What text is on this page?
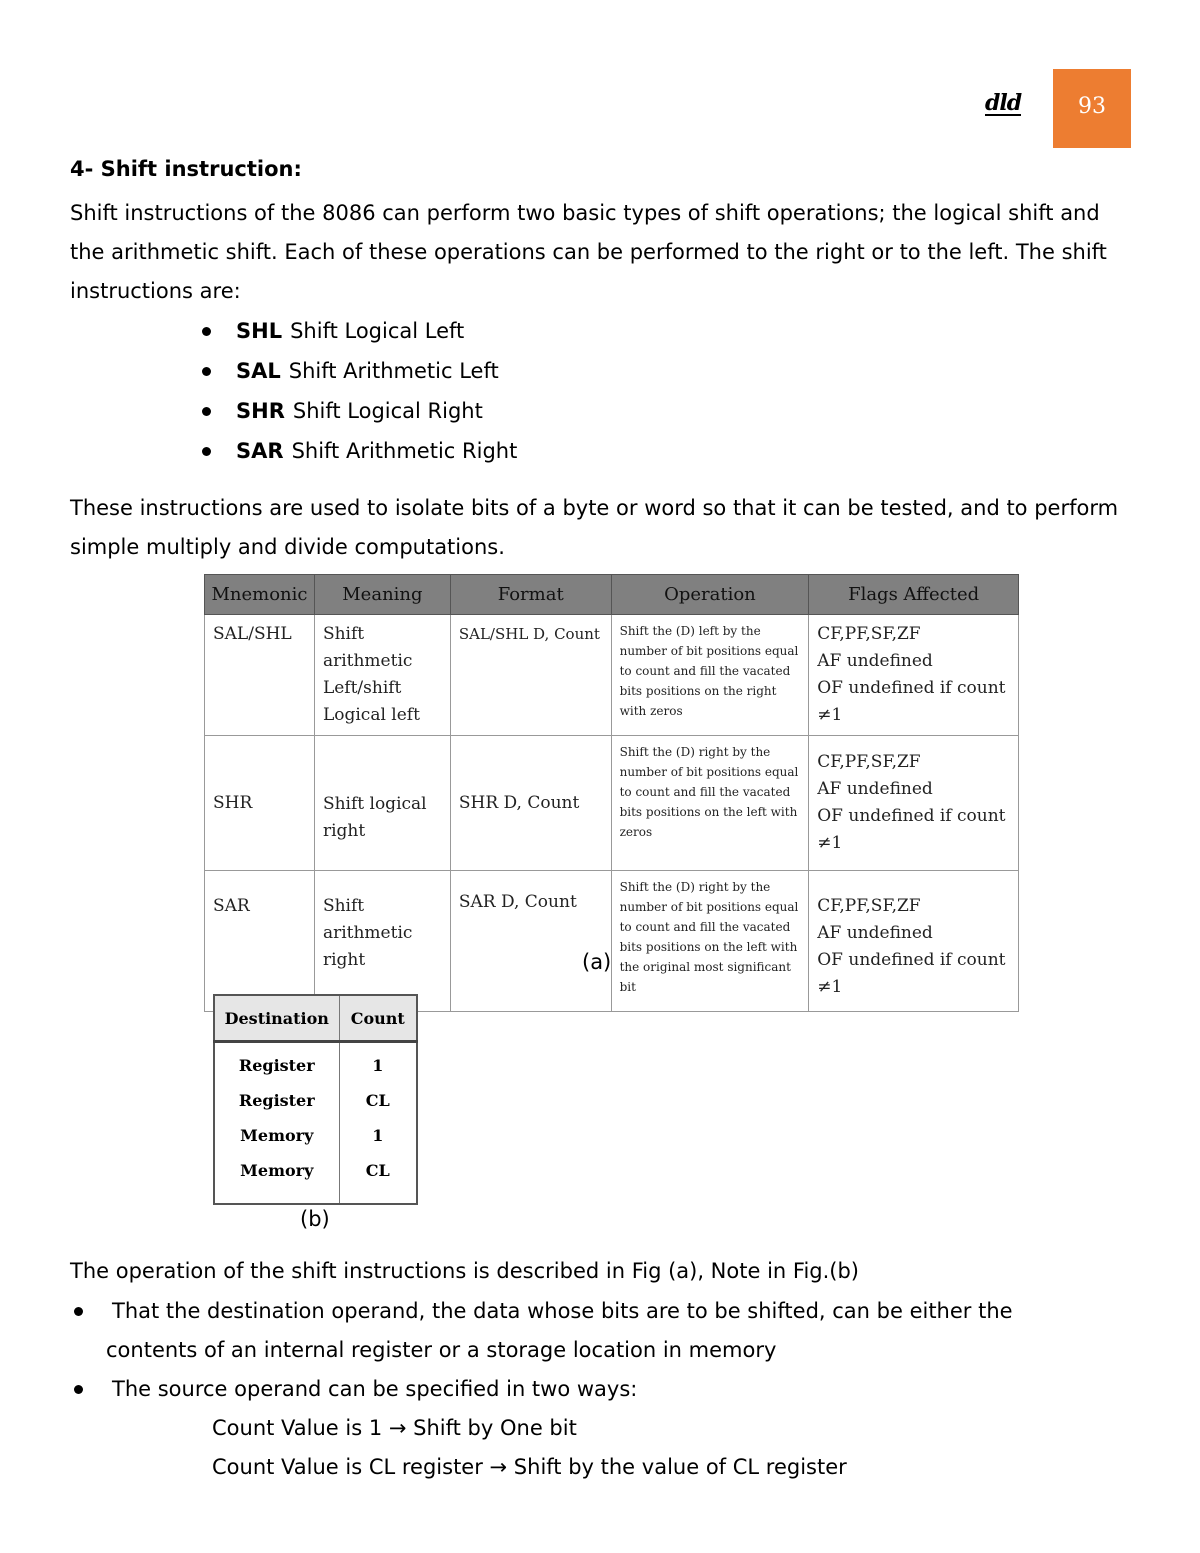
dld	93
4- Shift instruction:
Shift instructions of the 8086 can perform two basic types of shift operations; the logical shift and the arithmetic shift. Each of these operations can be performed to the right or to the left. The shift instructions are:
SHL Shift Logical Left
SAL Shift Arithmetic Left
SHR Shift Logical Right
SAR Shift Arithmetic Right
These instructions are used to isolate bits of a byte or word so that it can be tested, and to perform simple multiply and divide computations.
Mnemonic	Meaning	Format	Operation	Flags Affected
SAL/SHL	Shift arithmetic Left/shift Logical left	SAL/SHL D, Count	Shift the (D) left by the number of bit positions equal to count and fill the vacated bits positions on the right with zeros	CF,PF,SF,ZF
AF undefined
OF undefined if count ≠1

SHR	Shift logical right	SHR D, Count	Shift the (D) right by the number of bit positions equal to count and fill the vacated bits positions on the left with zeros	CF,PF,SF,ZF
AF undefined
OF undefined if count ≠1

SAR	Shift arithmetic right	SAR D, Count	Shift the (D) right by the number of bit positions equal to count and fill the vacated bits positions on the left with the original most significant bit	CF,PF,SF,ZF
AF undefined
OF undefined if count ≠1
(a)
Destination	Count
Register	1
Register	CL
Memory	1
Memory	CL
(b)
The operation of the shift instructions is described in Fig (a), Note in Fig.(b)
That the destination operand, the data whose bits are to be shifted, can be either the contents of an internal register or a storage location in memory
The source operand can be specified in two ways:
Count Value is 1 → Shift by One bit
Count Value is CL register → Shift by the value of CL register
